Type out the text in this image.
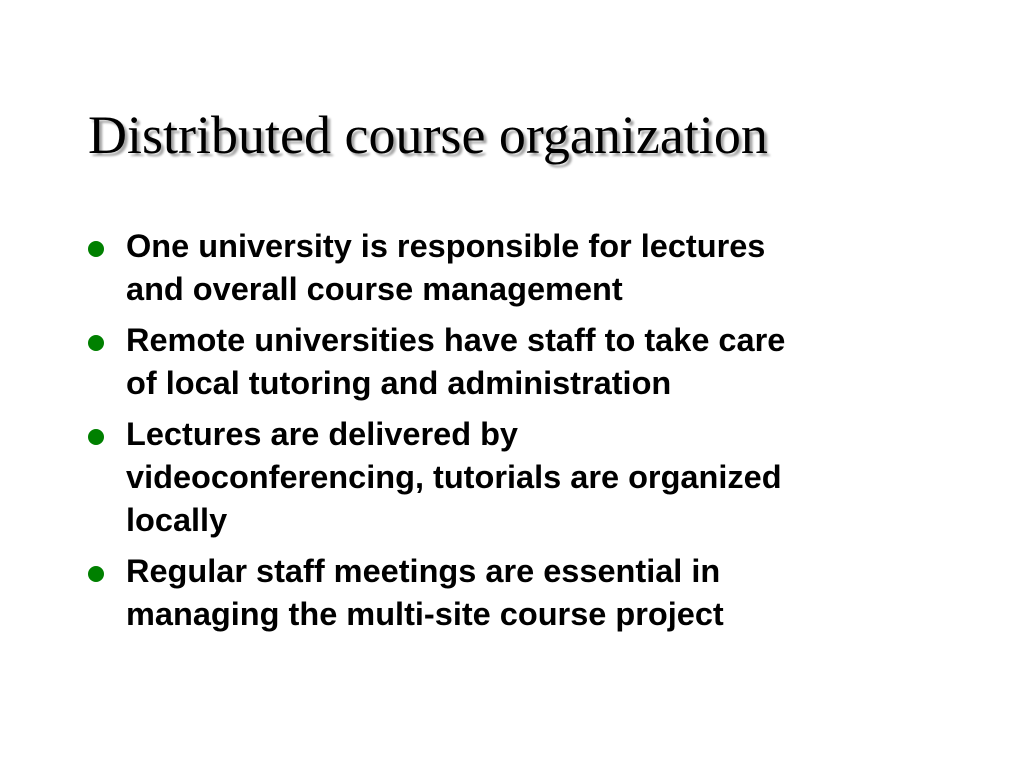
Distributed course organization
One university is responsible for lectures
and overall course management
Remote universities have staff to take care
of local tutoring and administration
Lectures are delivered by
videoconferencing, tutorials are organized
locally
Regular staff meetings are essential in
managing the multi-site course project
